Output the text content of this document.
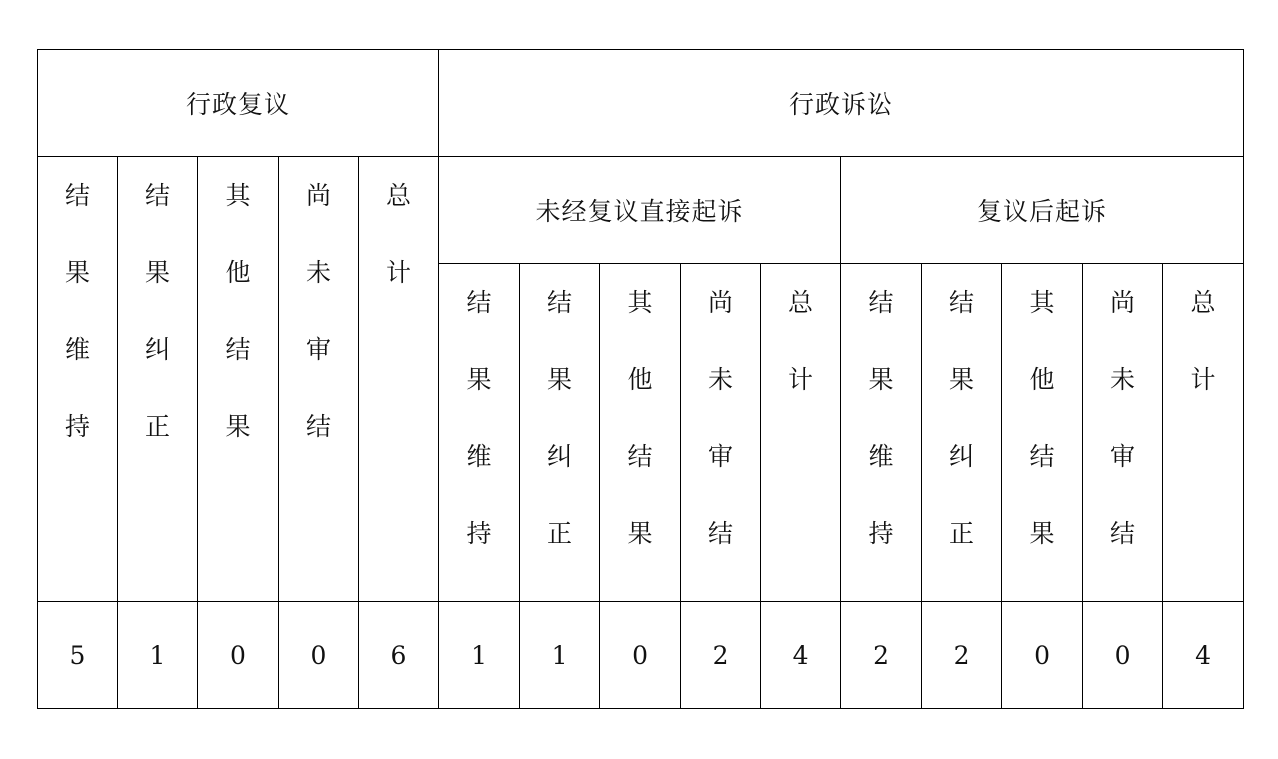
行政复议					行政诉讼									

结果维持	结果纠正	其他结果	尚未审结	总计	未经复议直接起诉					复议后起诉				

					结果维持	结果纠正	其他结果	尚未审结	总计	结果维持	结果纠正	其他结果	尚未审结	总计

5	1	0	0	6	1	1	0	2	4	2	2	0	0	4
